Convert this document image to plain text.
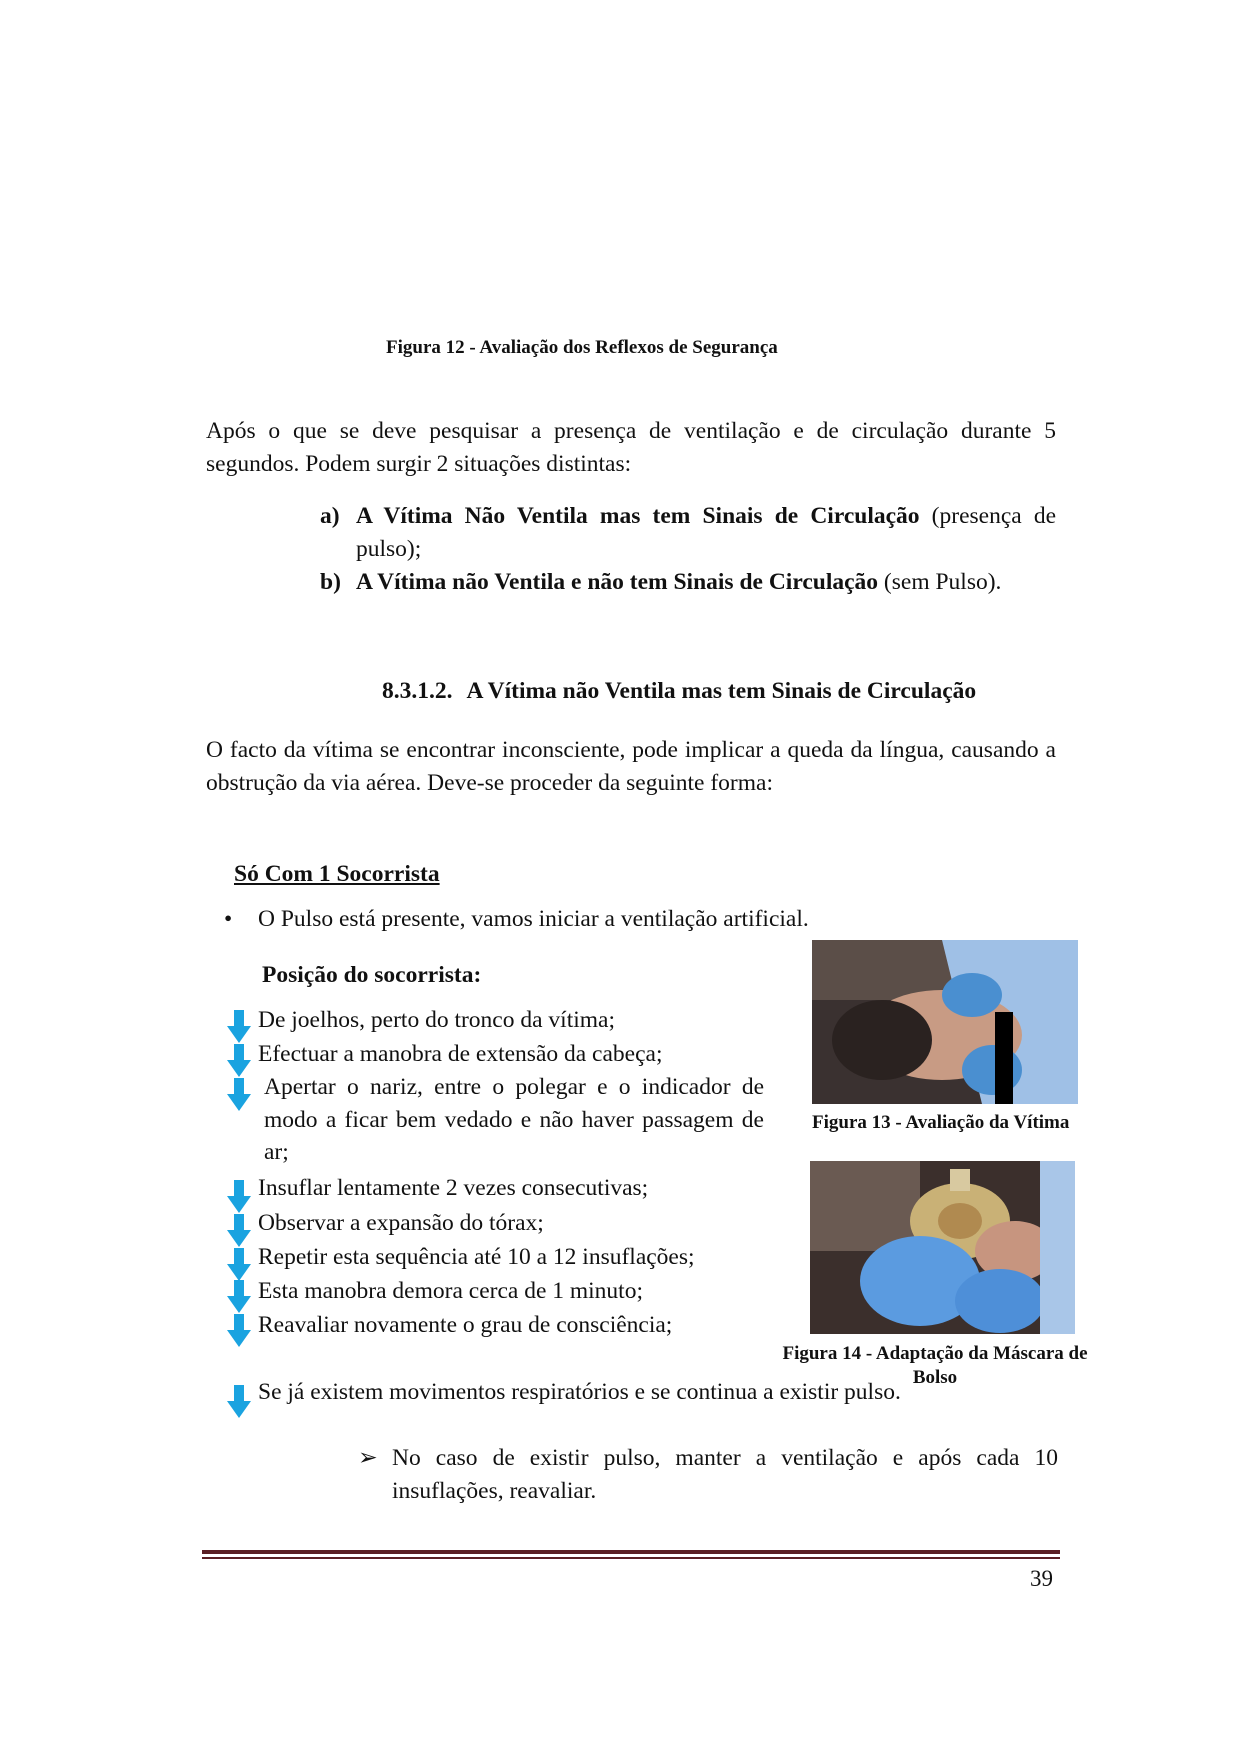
Figura 12 - Avaliação dos Reflexos de Segurança
Após o que se deve pesquisar a presença de ventilação e de circulação durante 5 segundos. Podem surgir 2 situações distintas:
a) A Vítima Não Ventila mas tem Sinais de Circulação (presença de pulso);
b) A Vítima não Ventila e não tem Sinais de Circulação (sem Pulso).
8.3.1.2. A Vítima não Ventila mas tem Sinais de Circulação
O facto da vítima se encontrar inconsciente, pode implicar a queda da língua, causando a obstrução da via aérea. Deve-se proceder da seguinte forma:
Só Com 1 Socorrista
• O Pulso está presente, vamos iniciar a ventilação artificial.
Posição do socorrista:
De joelhos, perto do tronco da vítima;
Efectuar a manobra de extensão da cabeça;
Apertar o nariz, entre o polegar e o indicador de modo a ficar bem vedado e não haver passagem de ar;
Insuflar lentamente 2 vezes consecutivas;
Observar a expansão do tórax;
Repetir esta sequência até 10 a 12 insuflações;
Esta manobra demora cerca de 1 minuto;
Reavaliar novamente o grau de consciência;
Se já existem movimentos respiratórios e se continua a existir pulso.
Figura 13 - Avaliação da Vítima
Figura 14 - Adaptação da Máscara de Bolso
➢ No caso de existir pulso, manter a ventilação e após cada 10 insuflações, reavaliar.
39
